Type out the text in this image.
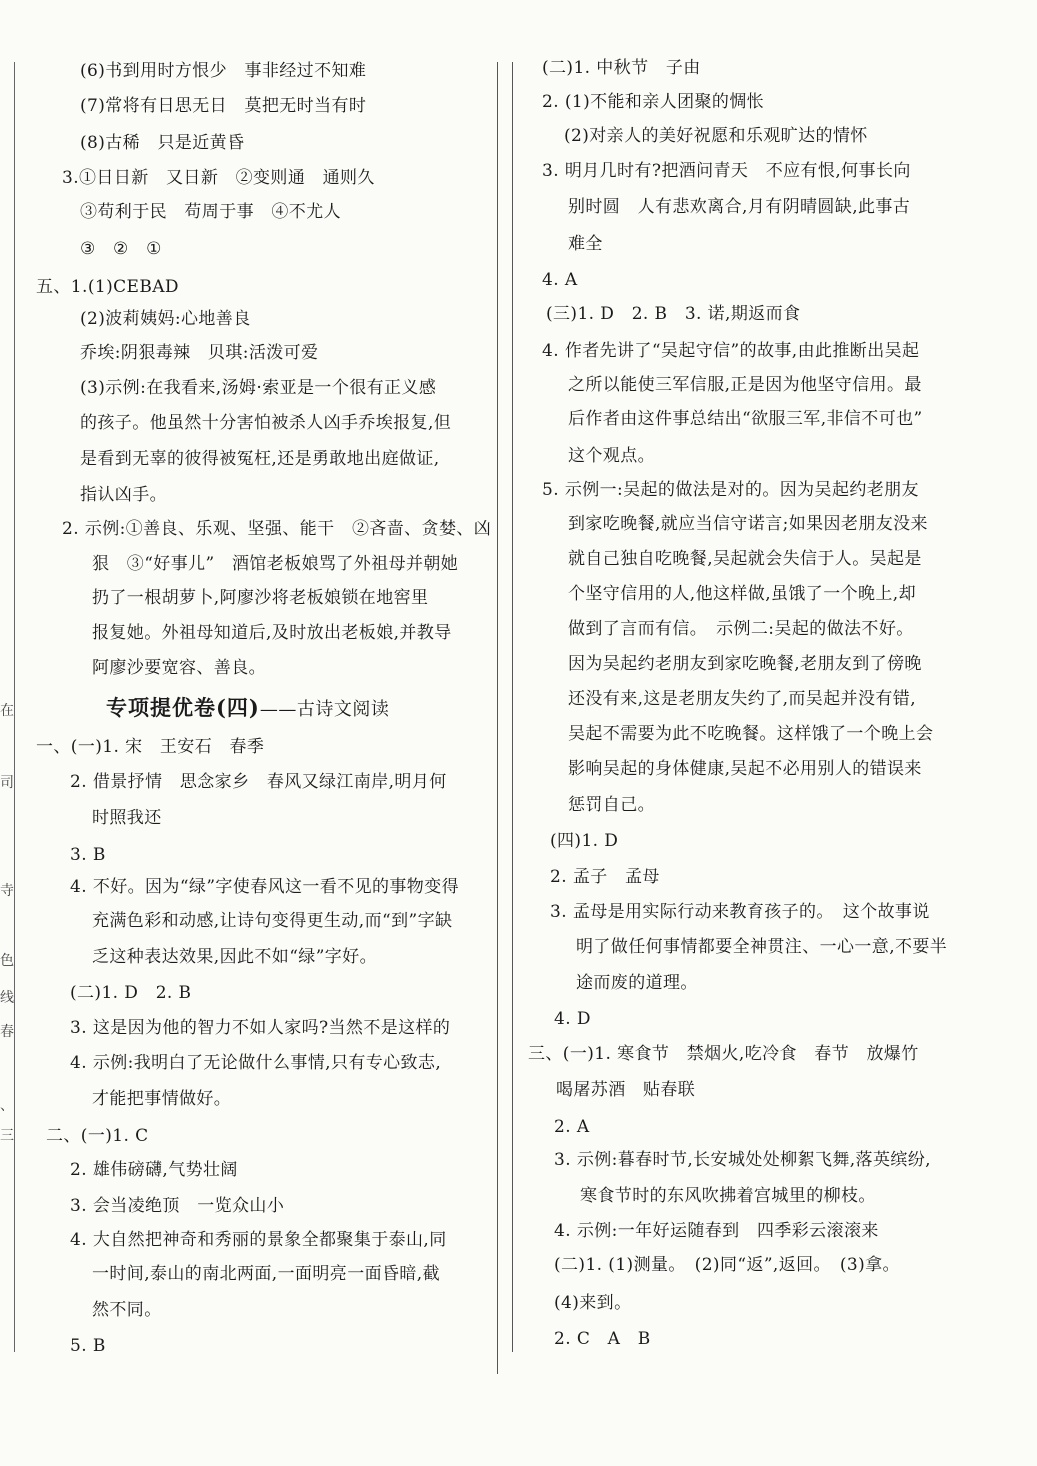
在
司
寺
色
线
春
、
三
(6)书到用时方恨少　事非经过不知难
(7)常将有日思无日　莫把无时当有时
(8)古稀　只是近黄昏
3.①日日新　又日新　②变则通　通则久
③苟利于民　苟周于事　④不尤人
③　②　①
五、1.(1)CEBAD
(2)波莉姨妈:心地善良
乔埃:阴狠毒辣　贝琪:活泼可爱
(3)示例:在我看来,汤姆·索亚是一个很有正义感
的孩子。他虽然十分害怕被杀人凶手乔埃报复,但
是看到无辜的彼得被冤枉,还是勇敢地出庭做证,
指认凶手。
2. 示例:①善良、乐观、坚强、能干　②吝啬、贪婪、凶
狠　③“好事儿”　酒馆老板娘骂了外祖母并朝她
扔了一根胡萝卜,阿廖沙将老板娘锁在地窖里
报复她。外祖母知道后,及时放出老板娘,并教导
阿廖沙要宽容、善良。
专项提优卷(四)——古诗文阅读
一、(一)1. 宋　王安石　春季
2. 借景抒情　思念家乡　春风又绿江南岸,明月何
时照我还
3. B
4. 不好。因为“绿”字使春风这一看不见的事物变得
充满色彩和动感,让诗句变得更生动,而“到”字缺
乏这种表达效果,因此不如“绿”字好。
(二)1. D　2. B
3. 这是因为他的智力不如人家吗?当然不是这样的
4. 示例:我明白了无论做什么事情,只有专心致志,
才能把事情做好。
二、(一)1. C
2. 雄伟磅礴,气势壮阔
3. 会当凌绝顶　一览众山小
4. 大自然把神奇和秀丽的景象全都聚集于泰山,同
一时间,泰山的南北两面,一面明亮一面昏暗,截
然不同。
5. B
(二)1. 中秋节　子由
2. (1)不能和亲人团聚的惆怅
(2)对亲人的美好祝愿和乐观旷达的情怀
3. 明月几时有?把酒问青天　不应有恨,何事长向
别时圆　人有悲欢离合,月有阴晴圆缺,此事古
难全
4. A
(三)1. D　2. B　3. 诺,期返而食
4. 作者先讲了“吴起守信”的故事,由此推断出吴起
之所以能使三军信服,正是因为他坚守信用。最
后作者由这件事总结出“欲服三军,非信不可也”
这个观点。
5. 示例一:吴起的做法是对的。因为吴起约老朋友
到家吃晚餐,就应当信守诺言;如果因老朋友没来
就自己独自吃晚餐,吴起就会失信于人。吴起是
个坚守信用的人,他这样做,虽饿了一个晚上,却
做到了言而有信。　示例二:吴起的做法不好。
因为吴起约老朋友到家吃晚餐,老朋友到了傍晚
还没有来,这是老朋友失约了,而吴起并没有错,
吴起不需要为此不吃晚餐。这样饿了一个晚上会
影响吴起的身体健康,吴起不必用别人的错误来
惩罚自己。
(四)1. D
2. 孟子　孟母
3. 孟母是用实际行动来教育孩子的。　这个故事说
明了做任何事情都要全神贯注、一心一意,不要半
途而废的道理。
4. D
三、(一)1. 寒食节　禁烟火,吃冷食　春节　放爆竹
喝屠苏酒　贴春联
2. A
3. 示例:暮春时节,长安城处处柳絮飞舞,落英缤纷,
寒食节时的东风吹拂着宫城里的柳枝。
4. 示例:一年好运随春到　四季彩云滚滚来
(二)1. (1)测量。　(2)同“返”,返回。　(3)拿。
(4)来到。
2. C　A　B
